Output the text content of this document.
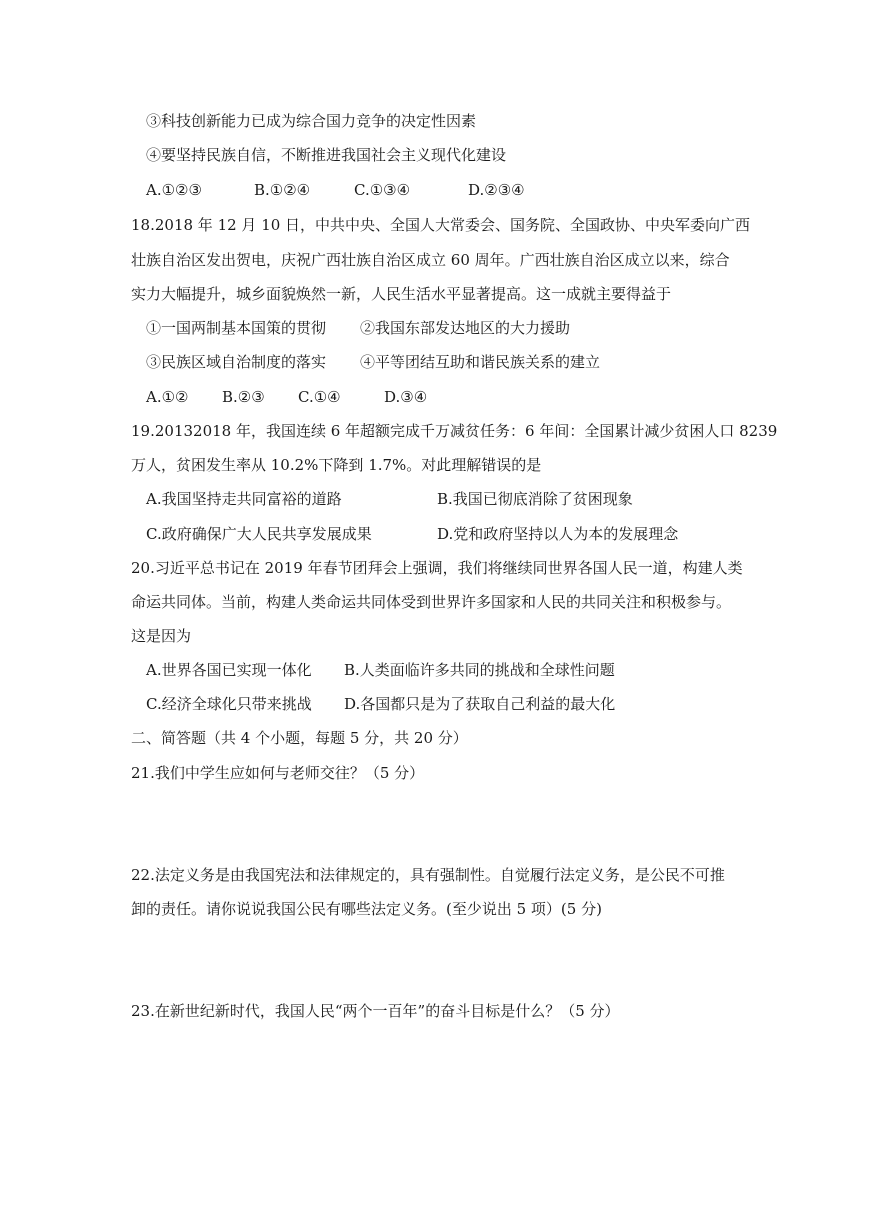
③科技创新能力已成为综合国力竞争的决定性因素
④要坚持民族自信，不断推进我国社会主义现代化建设
A.①②③	B.①②④	C.①③④	D.②③④
18.2018 年 12 月 10 日，中共中央、全国人大常委会、国务院、全国政协、中央军委向广西
壮族自治区发出贺电，庆祝广西壮族自治区成立 60 周年。广西壮族自治区成立以来，综合
实力大幅提升，城乡面貌焕然一新，人民生活水平显著提高。这一成就主要得益于
①一国两制基本国策的贯彻 ②我国东部发达地区的大力援助
③民族区域自治制度的落实 ④平等团结互助和谐民族关系的建立
A.①② B.②③ C.①④	D.③④
19.20132018 年，我国连续 6 年超额完成千万减贫任务：6 年间：全国累计减少贫困人口 8239
万人，贫困发生率从 10.2%下降到 1.7%。对此理解错误的是
A.我国坚持走共同富裕的道路	B.我国已彻底消除了贫困现象
C.政府确保广大人民共享发展成果	D.党和政府坚持以人为本的发展理念
20.习近平总书记在 2019 年春节团拜会上强调，我们将继续同世界各国人民一道，构建人类
命运共同体。当前，构建人类命运共同体受到世界许多国家和人民的共同关注和积极参与。
这是因为
A.世界各国已实现一体化 B.人类面临许多共同的挑战和全球性问题
C.经济全球化只带来挑战 D.各国都只是为了获取自己利益的最大化
二、简答题（共 4 个小题，每题 5 分，共 20 分）
21.我们中学生应如何与老师交往？（5 分）
22.法定义务是由我国宪法和法律规定的，具有强制性。自觉履行法定义务，是公民不可推
卸的责任。请你说说我国公民有哪些法定义务。(至少说出 5 项）(5 分)
23.在新世纪新时代，我国人民“两个一百年”的奋斗目标是什么？（5 分）
